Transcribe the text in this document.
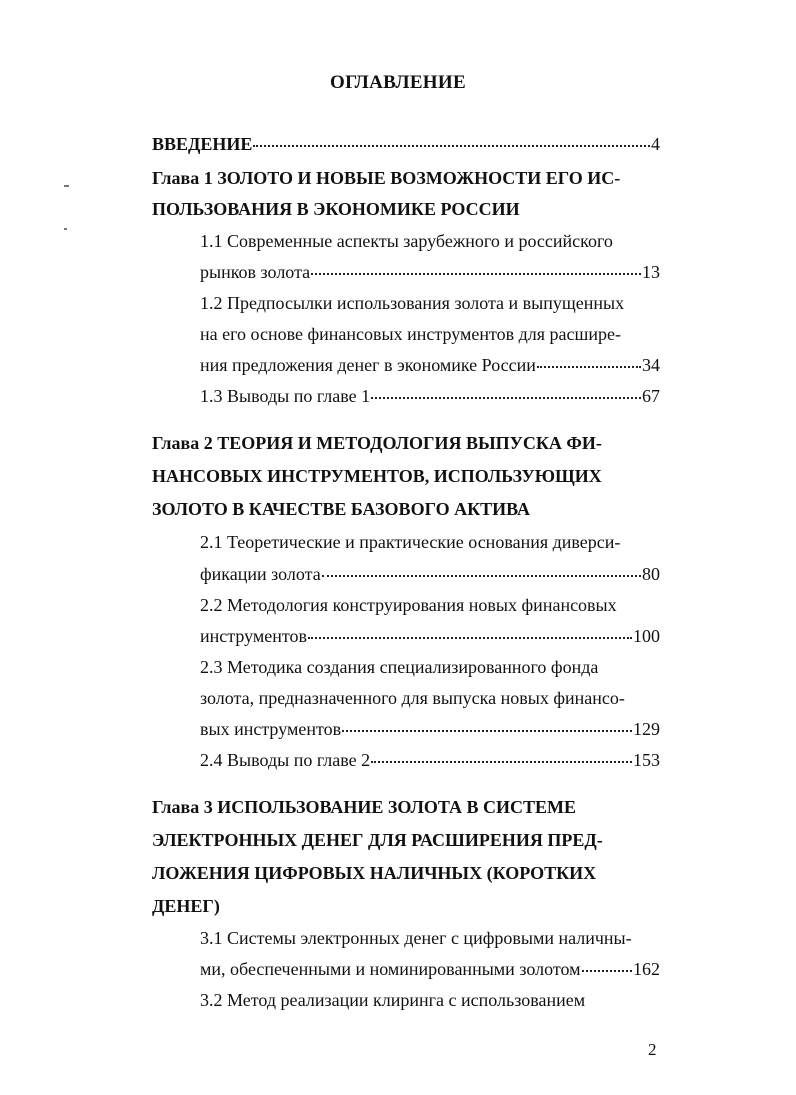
ОГЛАВЛЕНИЕ
ВВЕДЕНИЕ	4
Глава 1 ЗОЛОТО И НОВЫЕ ВОЗМОЖНОСТИ ЕГО ИС-
ПОЛЬЗОВАНИЯ В ЭКОНОМИКЕ РОССИИ
1.1 Современные аспекты зарубежного и российского
рынков золота	13
1.2 Предпосылки использования золота и выпущенных
на его основе финансовых инструментов для расшире-
ния предложения денег в экономике России	34
1.3 Выводы по главе 1	67
Глава 2 ТЕОРИЯ И МЕТОДОЛОГИЯ ВЫПУСКА ФИ-
НАНСОВЫХ ИНСТРУМЕНТОВ, ИСПОЛЬЗУЮЩИХ
ЗОЛОТО В КАЧЕСТВЕ БАЗОВОГО АКТИВА
2.1 Теоретические и практические основания диверси-
фикации золота	80
2.2 Методология конструирования новых финансовых
инструментов	100
2.3 Методика создания специализированного фонда
золота, предназначенного для выпуска новых финансо-
вых инструментов	129
2.4 Выводы по главе 2	153
Глава 3 ИСПОЛЬЗОВАНИЕ ЗОЛОТА В СИСТЕМЕ
ЭЛЕКТРОННЫХ ДЕНЕГ ДЛЯ РАСШИРЕНИЯ ПРЕД-
ЛОЖЕНИЯ ЦИФРОВЫХ НАЛИЧНЫХ (КОРОТКИХ
ДЕНЕГ)
3.1 Системы электронных денег с цифровыми наличны-
ми, обеспеченными и номинированными золотом	162
3.2 Метод реализации клиринга с использованием
2
